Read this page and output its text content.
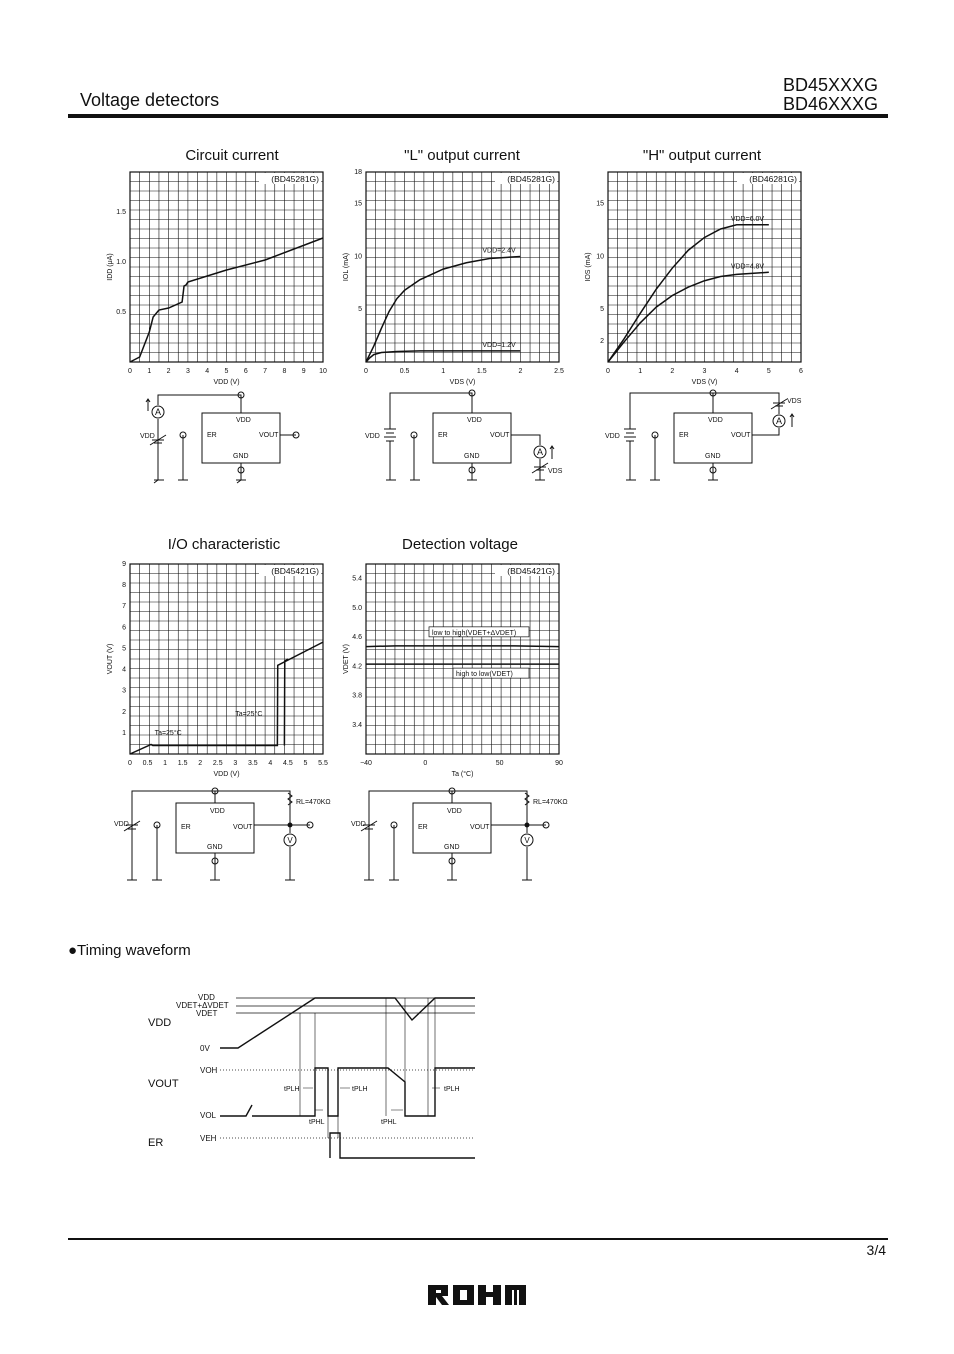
Voltage detectors
BD45XXXG
BD46XXXG
Circuit current	"L" output current	"H" output current
I/O characteristic	Detection voltage
(BD45281G)
0 1 2 3 4 5 6 7 8 9 10
0.5
1.0
1.5
VDD (V)
IDD (μA)
(BD45281G)
0	0.5	1	1.5	2	2.5
5
10
15
18
VDS (V)
IOL (mA)
VDD=2.4V
VDD=1.2V
(BD46281G)
0	1	2	3	4	5	6
2
5
10
15
VDS (V)
IOS (mA)
VDD=6.0V
VDD=4.8V
(BD45421G)
0 0.5 1 1.5 2 2.5 3 3.5 4 4.5 5 5.5
1
2
3
4
5
6
7
8
9
VDD (V)
VOUT (V)
Ta=25°C
Ta=25°C
(BD45421G)
−40	0	50	90
3.4
3.8
4.2
4.6
5.0
5.4
Ta (°C)
VDET (V)
low to high(VDET+ΔVDET)
high to low(VDET)
A
VDD	ER
VDD
VOUT
GND	A
VDD	ER
VDD
VOUT
GND
VDS
A
VDD	ER
VDD
VOUT
GND
VDS
V
VDD	ER
VDD
VOUT
GND
RL=470KΩ
V
VDD	ER
VDD
VOUT
GND
RL=470KΩ
●Timing waveform
VDD
VOUT
ER
VDD
VDET+ΔVDET
VDET
0V
VOH
VOL
VEH
tPLH	tPLH	tPLH
tPHL	tPHL
3/4
